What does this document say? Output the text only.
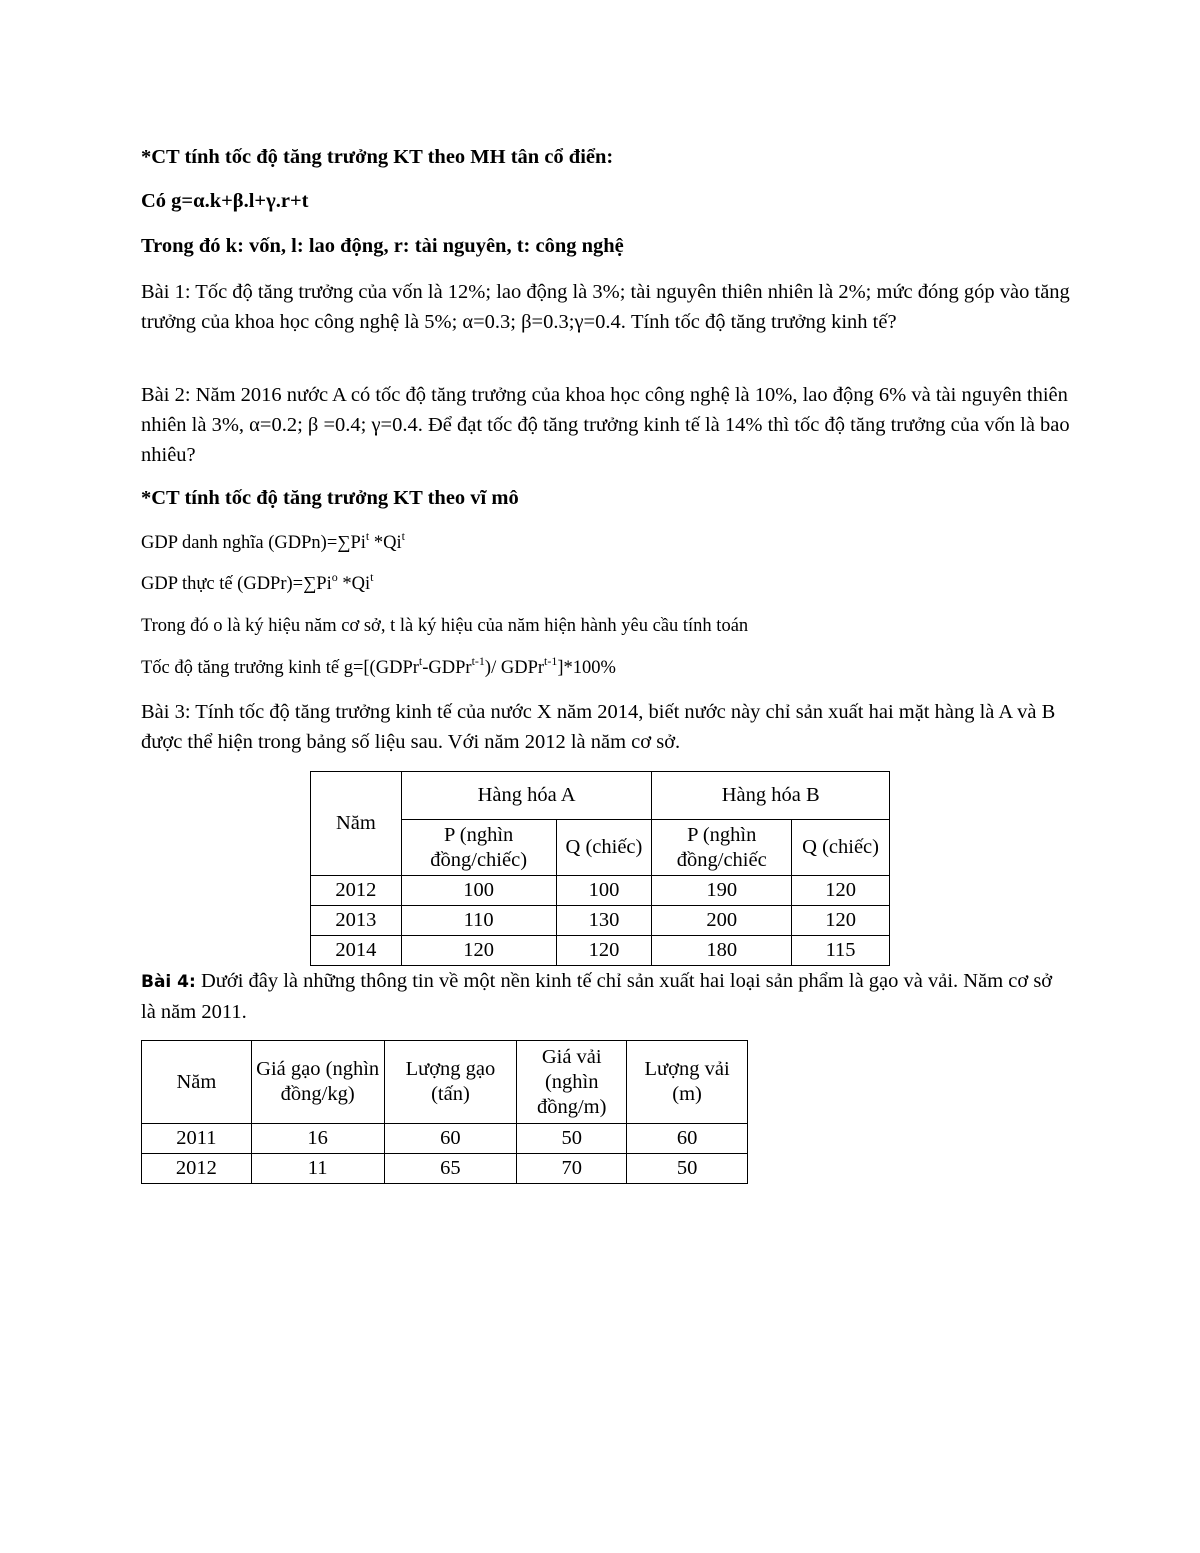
*CT tính tốc độ tăng trưởng KT theo MH tân cổ điển:
Có g=α.k+β.l+γ.r+t
Trong đó k: vốn, l: lao động, r: tài nguyên, t: công nghệ
Bài 1: Tốc độ tăng trưởng của vốn là 12%; lao động là 3%; tài nguyên thiên nhiên là 2%; mức đóng góp vào tăng trưởng của khoa học công nghệ là 5%; α=0.3; β=0.3;γ=0.4. Tính tốc độ tăng trưởng kinh tế?
Bài 2: Năm 2016 nước A có tốc độ tăng trưởng của khoa học công nghệ là 10%, lao động 6% và tài nguyên thiên nhiên là 3%, α=0.2; β =0.4; γ=0.4. Để đạt tốc độ tăng trưởng kinh tế là 14% thì tốc độ tăng trưởng của vốn là bao nhiêu?
*CT tính tốc độ tăng trưởng KT theo vĩ mô
GDP danh nghĩa $(GDPn)=\sum Pi^t$ *Qi$^t$
GDP thực tế $(GDPr)=\sum Pi^o$ *Qi$^t$
Trong đó o là ký hiệu năm cơ sở, t là ký hiệu của năm hiện hành yêu cầu tính toán
Tốc độ tăng trưởng kinh tế g=[(GDPr$^t$-GDPr$^{t-1}$)/ GDPr$^{t-1}$]*100%
Bài 3: Tính tốc độ tăng trưởng kinh tế của nước X năm 2014, biết nước này chỉ sản xuất hai mặt hàng là A và B được thể hiện trong bảng số liệu sau. Với năm 2012 là năm cơ sở.
Năm	Hàng hóa A		Hàng hóa B	
	P (nghìn đồng/chiếc)	Q (chiếc)	P (nghìn đồng/chiếc	Q (chiếc)
2012	100	100	190	120
2013	110	130	200	120
2014	120	120	180	115
Bài 4: Dưới đây là những thông tin về một nền kinh tế chỉ sản xuất hai loại sản phẩm là gạo và vải. Năm cơ sở là năm 2011.
Năm	Giá gạo (nghìn đồng/kg)	Lượng gạo (tấn)	Giá vải (nghìn đồng/m)	Lượng vải (m)
2011	16	60	50	60
2012	11	65	70	50
